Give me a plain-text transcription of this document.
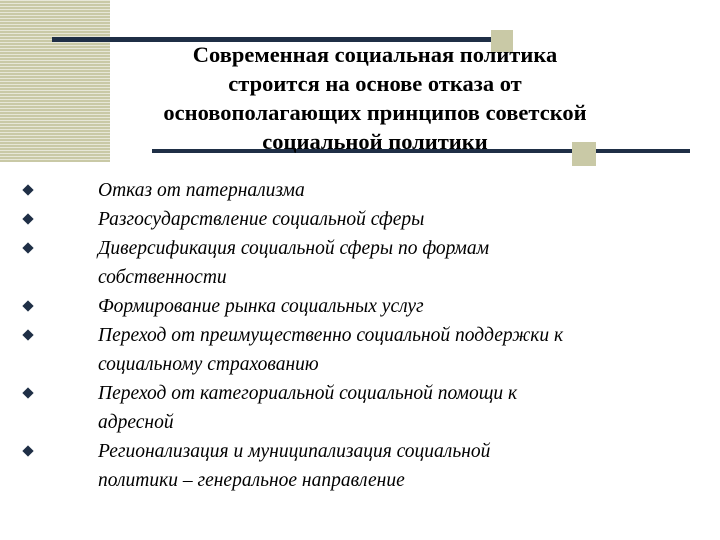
Современная социальная политика
строится на основе отказа от
основополагающих принципов советской
социальной политики
Отказ от патернализма
Разгосударствление социальной сферы
Диверсификация социальной сферы по формам
собственности
Формирование рынка социальных услуг
Переход от преимущественно социальной поддержки к
социальному страхованию
Переход от категориальной социальной помощи к
адресной
Регионализация и муниципализация социальной
политики – генеральное направление
